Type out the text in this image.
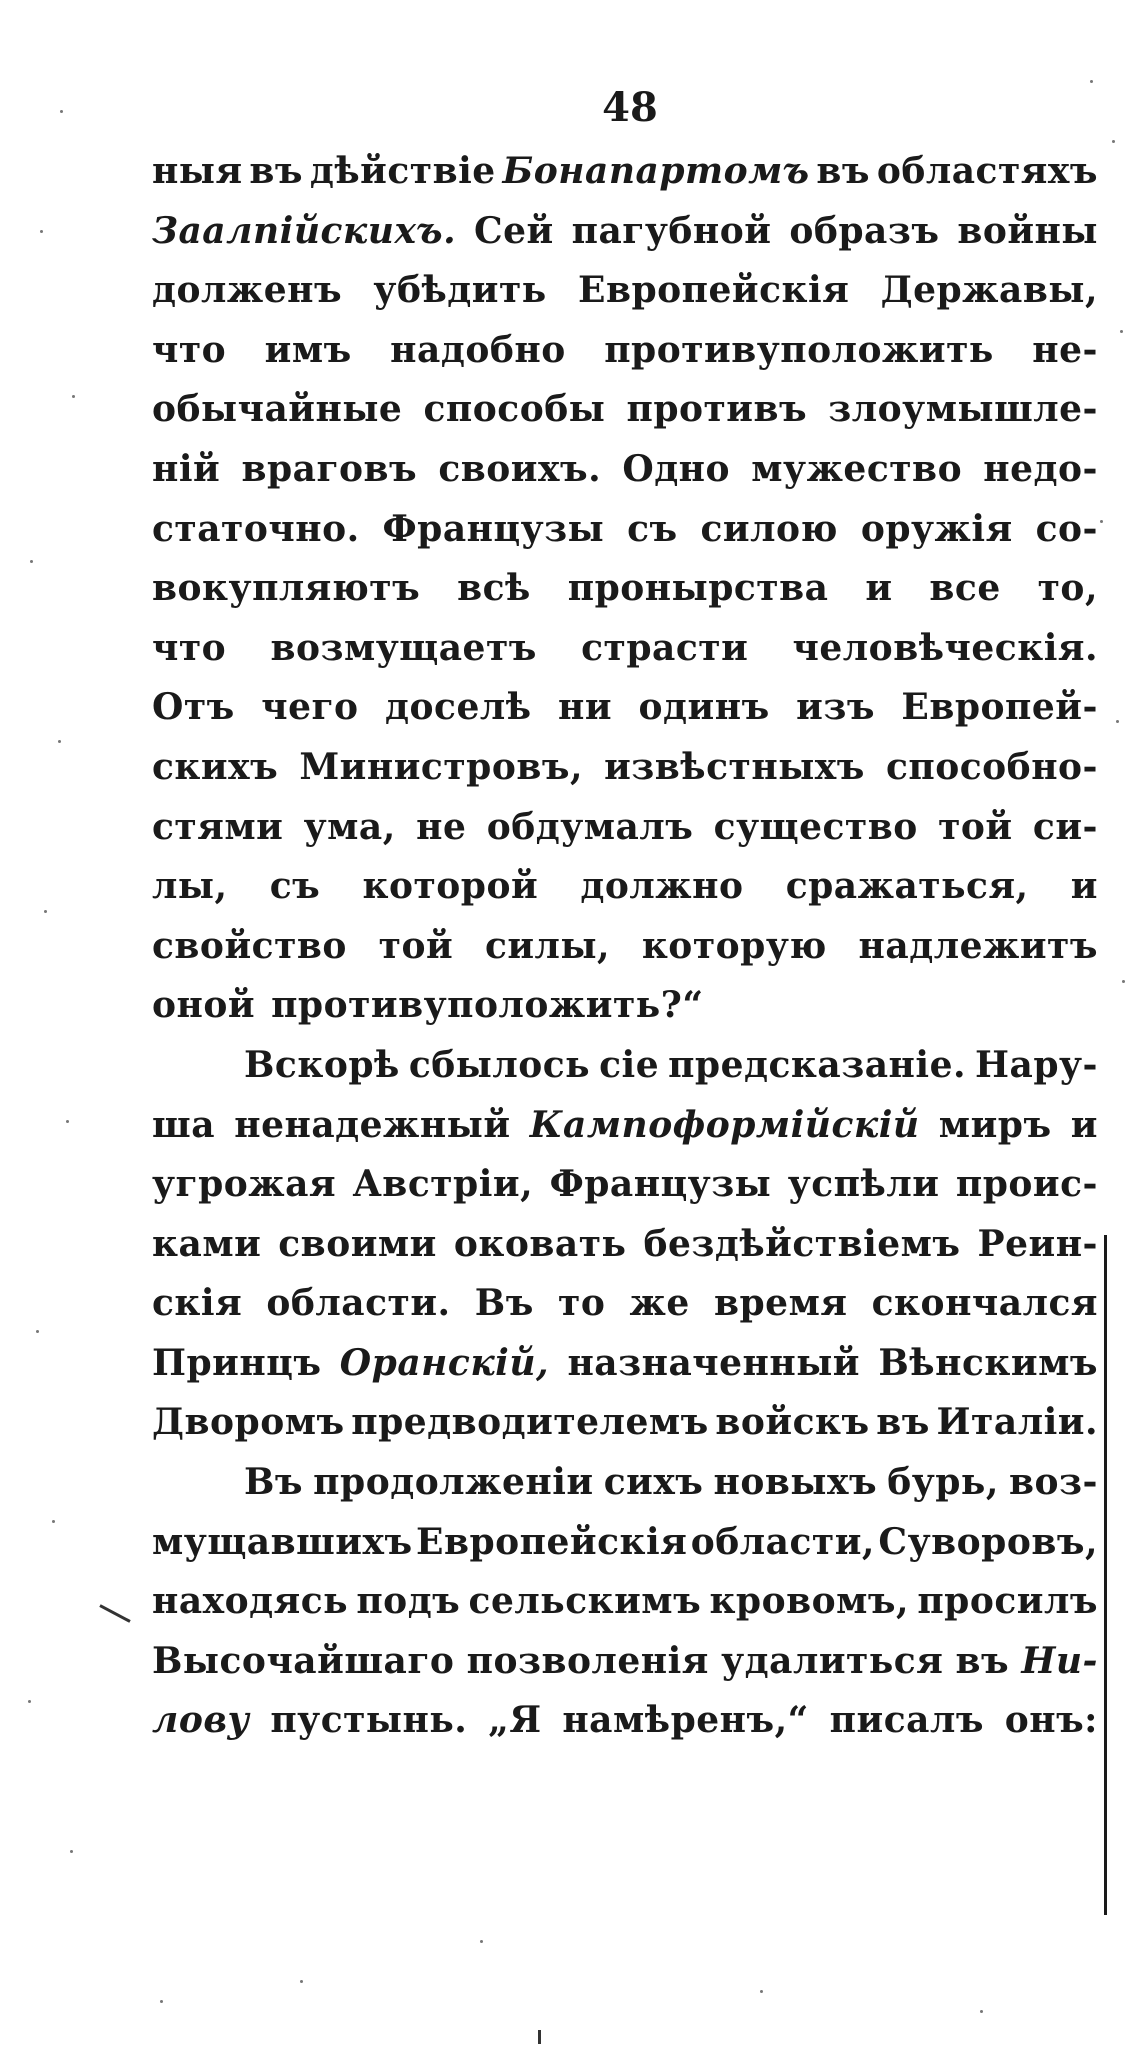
48
ныя въ дѣйствіе Бонапартомъ въ областяхъ
Заалпійскихъ. Сей пагубной образъ войны
долженъ убѣдить Европейскія Державы,
что имъ надобно противуположить не-
обычайные способы противъ злоумышле-
ній враговъ своихъ. Одно мужество недо-
статочно. Французы съ силою оружія со-
вокупляютъ всѣ пронырства и все то,
что возмущаетъ страсти человѣческія.
Отъ чего доселѣ ни одинъ изъ Европей-
скихъ Министровъ, извѣстныхъ способно-
стями ума, не обдумалъ существо той си-
лы, съ которой должно сражаться, и
свойство той силы, которую надлежитъ
оной противуположить?“
Вскорѣ сбылось сіе предсказаніе. Нару-
ша ненадежный Кампоформійскій миръ и
угрожая Австріи, Французы успѣли проис-
ками своими оковать бездѣйствіемъ Реин-
скія области. Въ то же время скончался
Принцъ Оранскій, назначенный Вѣнскимъ
Дворомъ предводителемъ войскъ въ Италіи.
Въ продолженіи сихъ новыхъ бурь, воз-
мущавшихъ Европейскія области, Суворовъ,
находясь подъ сельскимъ кровомъ, просилъ
Высочайшаго позволенія удалиться въ Ни-
лову пустынь. „Я намѣренъ,“ писалъ онъ:
